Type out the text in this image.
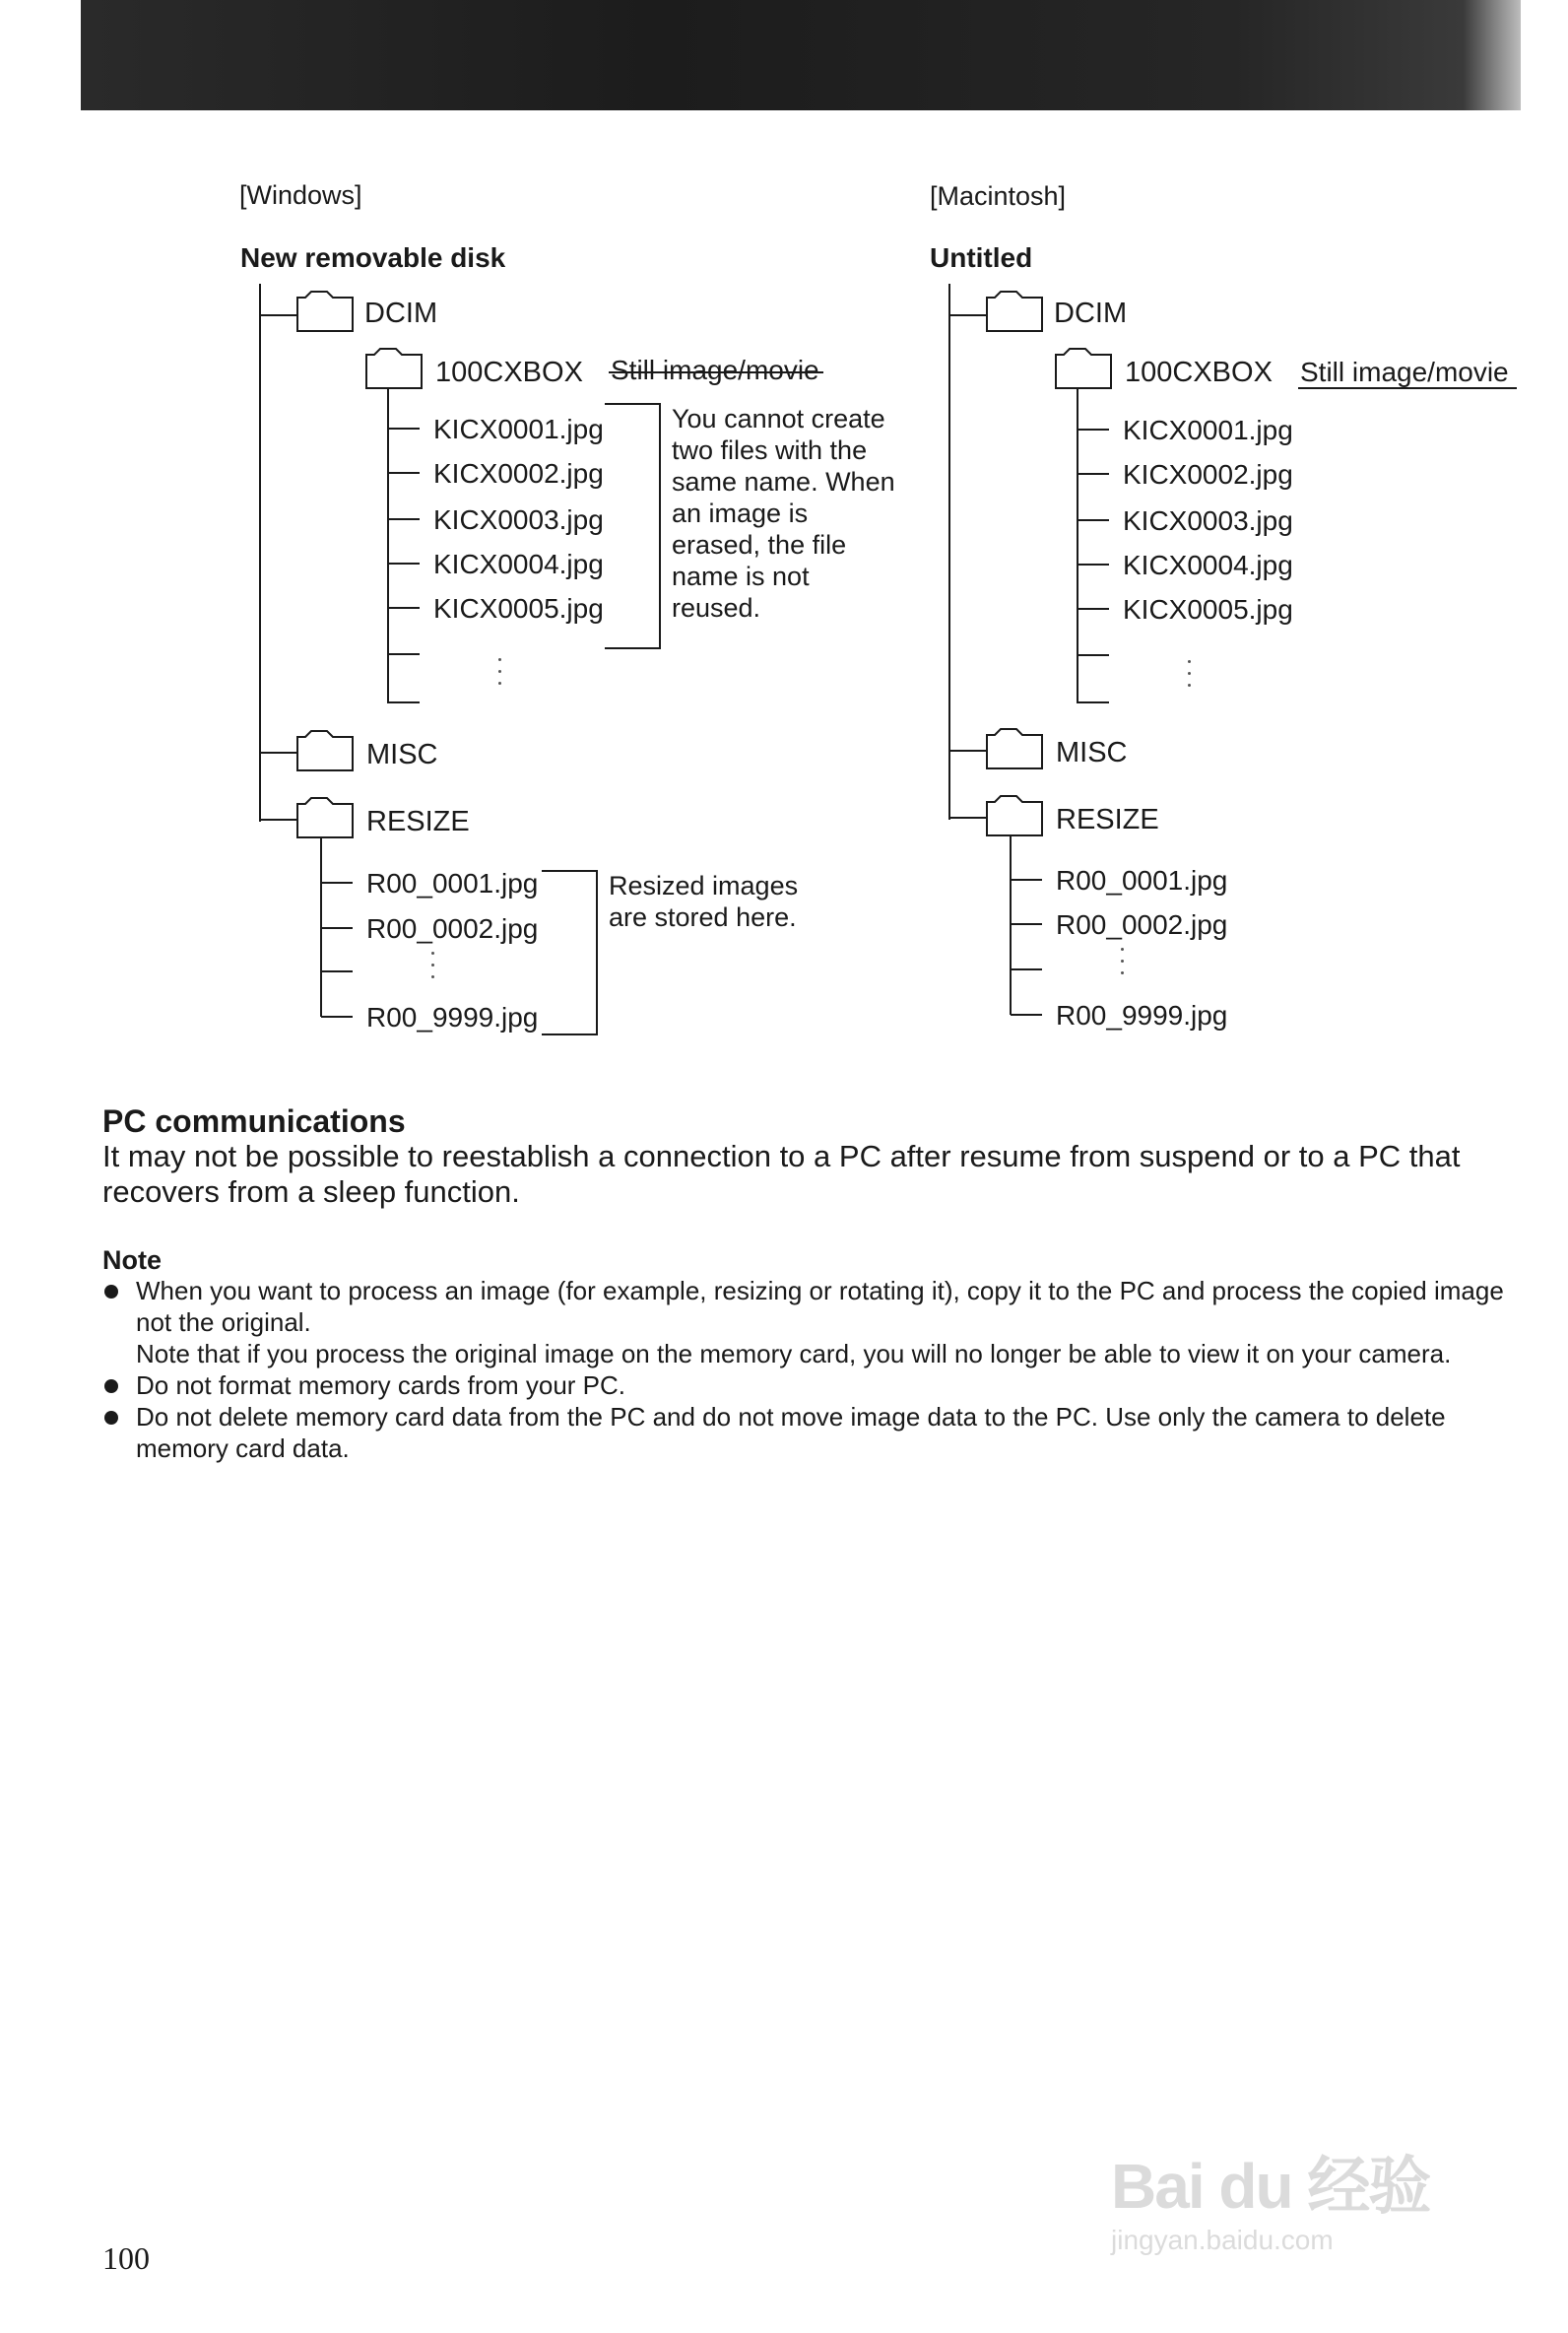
[Windows]
New removable disk
DCIM
100CXBOX Still image/movie
KICX0001.jpg
KICX0002.jpg
KICX0003.jpg
KICX0004.jpg
KICX0005.jpg
You cannot create
two files with the
same name. When
an image is
erased, the file
name is not
reused.
MISC
RESIZE
R00_0001.jpg
R00_0002.jpg
R00_9999.jpg
Resized images
are stored here.
[Macintosh]
Untitled
DCIM
100CXBOX Still image/movie
KICX0001.jpg
KICX0002.jpg
KICX0003.jpg
KICX0004.jpg
KICX0005.jpg
MISC
RESIZE
R00_0001.jpg
R00_0002.jpg
R00_9999.jpg
PC communications
It may not be possible to reestablish a connection to a PC after resume from suspend or to a PC that recovers from a sleep function.
Note
When you want to process an image (for example, resizing or rotating it), copy it to the PC and process the copied image not the original.
Note that if you process the original image on the memory card, you will no longer be able to view it on your camera.
Do not format memory cards from your PC.
Do not delete memory card data from the PC and do not move image data to the PC. Use only the camera to delete memory card data.
100
Bai du 经验
jingyan.baidu.com
